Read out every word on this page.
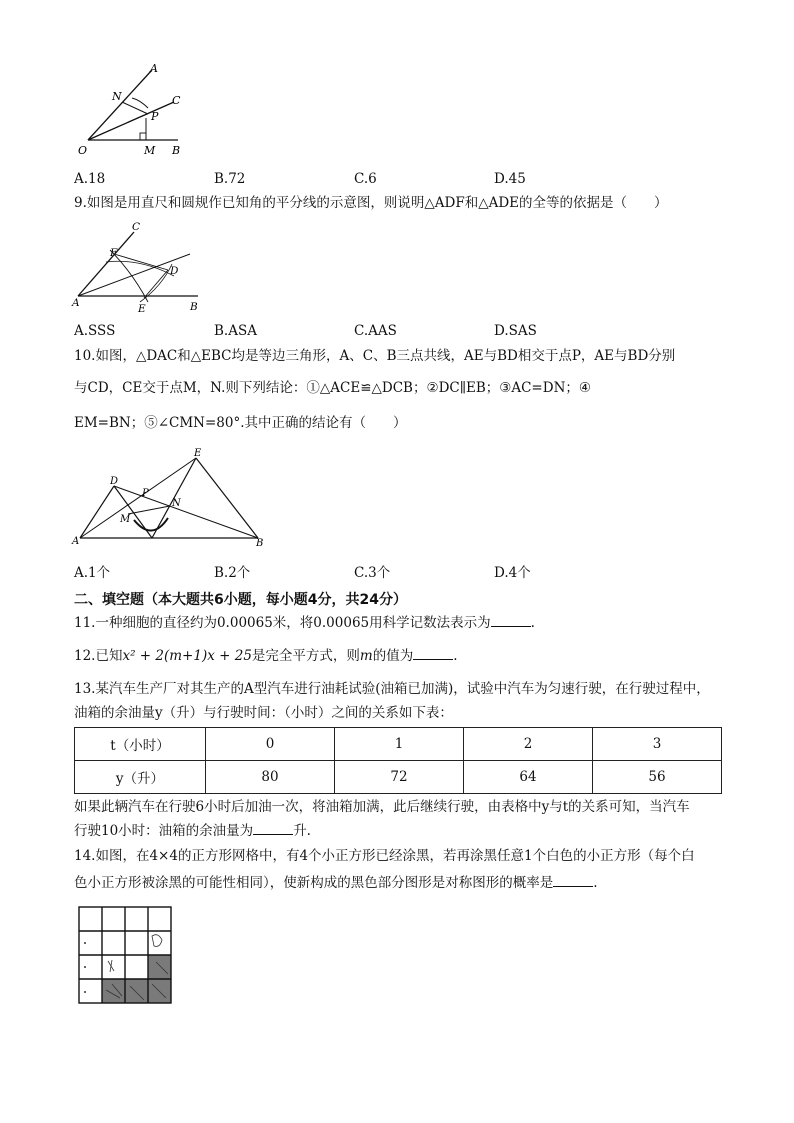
A
N	C
P
O	M B
A.18	B.72	C.6	D.45
9.如图是用直尺和圆规作已知角的平分线的示意图，则说明△ADF和△ADE的全等的依据是（　　）
C
F
D
A	E	B
A.SSS	B.ASA	C.AAS	D.SAS
10.如图，△DAC和△EBC均是等边三角形，A、C、B三点共线，AE与BD相交于点P，AE与BD分别
与CD，CE交于点M，N.则下列结论：①△ACE≌△DCB；②DC∥EB；③AC=DN；④
EM=BN；⑤∠CMN=80°.其中正确的结论有（　　）
E
D
P
M
N
A	B
A.1个	B.2个	C.3个	D.4个
二、填空题（本大题共6小题，每小题4分，共24分）
11.一种细胞的直径约为0.00065米，将0.00065用科学记数法表示为	.
12.已知x² + 2(m+1)x + 25是完全平方式，则m的值为	.
13.某汽车生产厂对其生产的A型汽车进行油耗试验(油箱已加满)，试验中汽车为匀速行驶，在行驶过程中，
油箱的余油量y（升）与行驶时间：（小时）之间的关系如下表：
t（小时）	0	1	2	3
y（升）	80	72	64	56
如果此辆汽车在行驶6小时后加油一次，将油箱加满，此后继续行驶，由表格中y与t的关系可知，当汽车
行驶10小时：油箱的余油量为	升.
14.如图，在4×4的正方形网格中，有4个小正方形已经涂黑，若再涂黑任意1个白色的小正方形（每个白
色小正方形被涂黑的可能性相同），使新构成的黑色部分图形是对称图形的概率是	.
